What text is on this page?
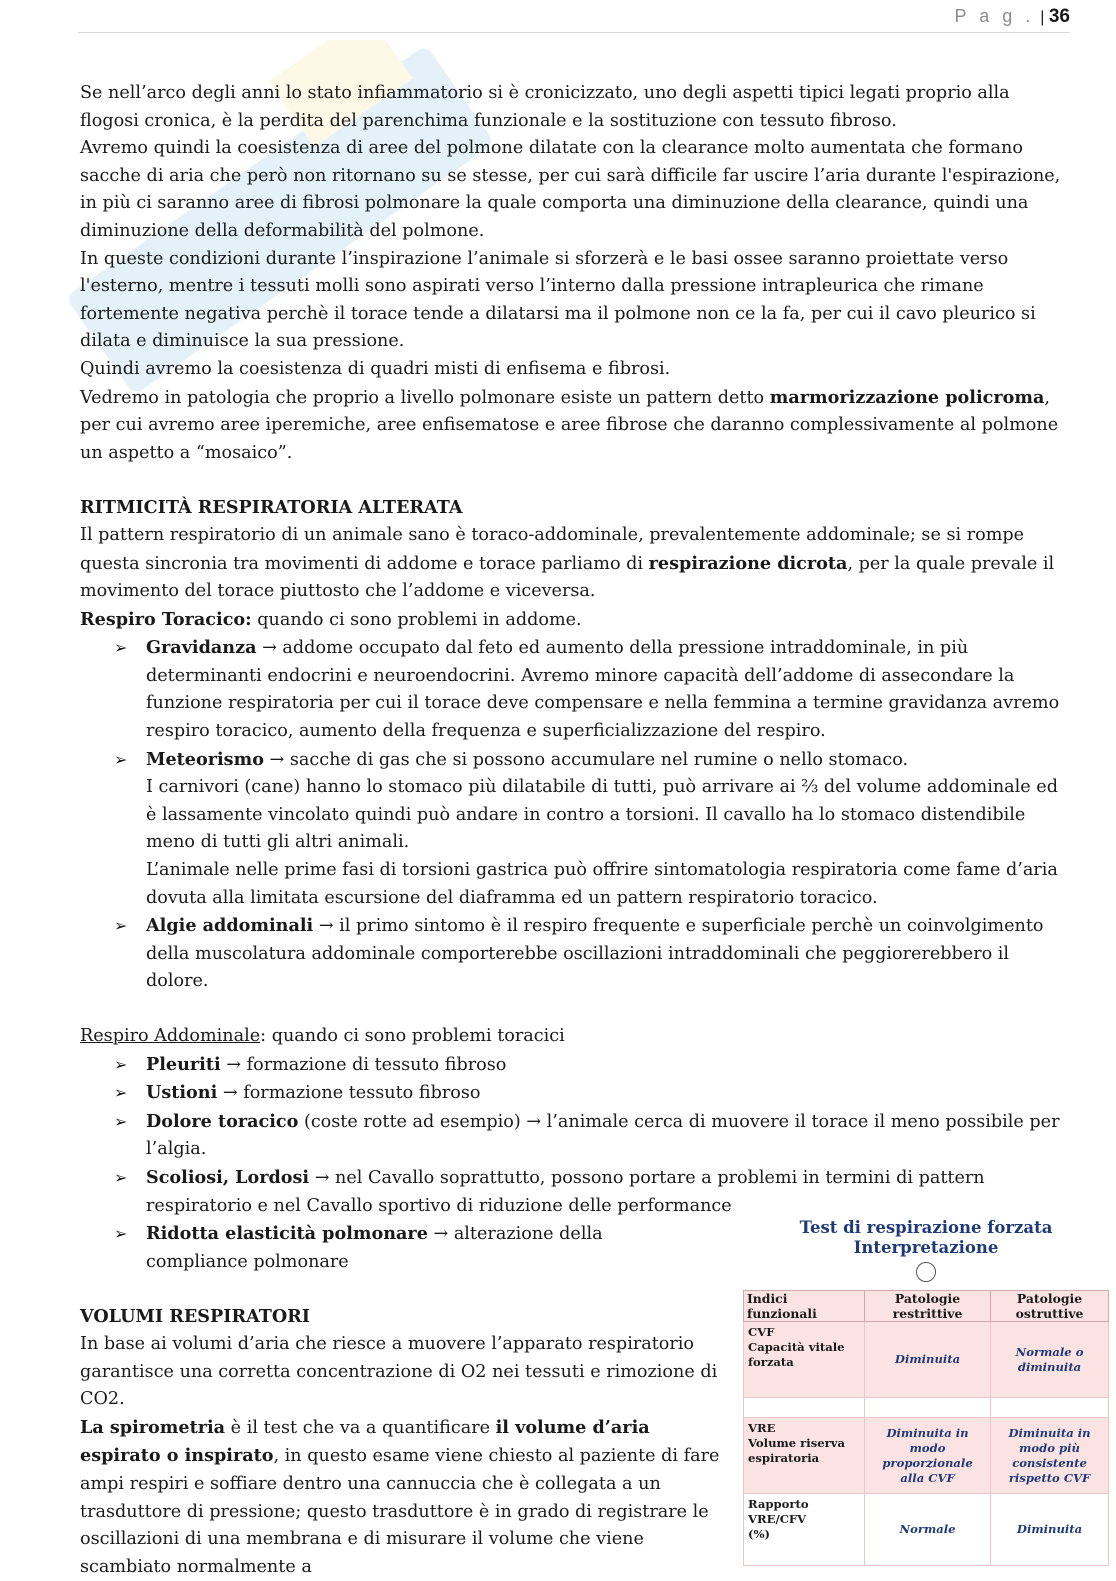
P a g . | 36

Se nell’arco degli anni lo stato infiammatorio si è cronicizzato, uno degli aspetti tipici legati proprio alla flogosi cronica, è la perdita del parenchima funzionale e la sostituzione con tessuto fibroso.

Avremo quindi la coesistenza di aree del polmone dilatate con la clearance molto aumentata che formano sacche di aria che però non ritornano su se stesse, per cui sarà difficile far uscire l’aria durante l'espirazione, in più ci saranno aree di fibrosi polmonare la quale comporta una diminuzione della clearance, quindi una diminuzione della deformabilità del polmone.

In queste condizioni durante l’inspirazione l’animale si sforzerà e le basi ossee saranno proiettate verso l'esterno, mentre i tessuti molli sono aspirati verso l’interno dalla pressione intrapleurica che rimane fortemente negativa perchè il torace tende a dilatarsi ma il polmone non ce la fa, per cui il cavo pleurico si dilata e diminuisce la sua pressione.

Quindi avremo la coesistenza di quadri misti di enfisema e fibrosi.

Vedremo in patologia che proprio a livello polmonare esiste un pattern detto marmorizzazione policroma, per cui avremo aree iperemiche, aree enfisematose e aree fibrose che daranno complessivamente al polmone un aspetto a “mosaico”.

RITMICITÀ RESPIRATORIA ALTERATA

Il pattern respiratorio di un animale sano è toraco-addominale, prevalentemente addominale; se si rompe questa sincronia tra movimenti di addome e torace parliamo di respirazione dicrota, per la quale prevale il movimento del torace piuttosto che l’addome e viceversa.

Respiro Toracico: quando ci sono problemi in addome.

➢ Gravidanza → addome occupato dal feto ed aumento della pressione intraddominale, in più determinanti endocrini e neuroendocrini. Avremo minore capacità dell’addome di assecondare la funzione respiratoria per cui il torace deve compensare e nella femmina a termine gravidanza avremo respiro toracico, aumento della frequenza e superficializzazione del respiro.
➢ Meteorismo → sacche di gas che si possono accumulare nel rumine o nello stomaco.
I carnivori (cane) hanno lo stomaco più dilatabile di tutti, può arrivare ai ⅔ del volume addominale ed è lassamente vincolato quindi può andare in contro a torsioni. Il cavallo ha lo stomaco distendibile meno di tutti gli altri animali.
L’animale nelle prime fasi di torsioni gastrica può offrire sintomatologia respiratoria come fame d’aria dovuta alla limitata escursione del diaframma ed un pattern respiratorio toracico.
➢ Algie addominali → il primo sintomo è il respiro frequente e superficiale perchè un coinvolgimento della muscolatura addominale comporterebbe oscillazioni intraddominali che peggiorerebbero il dolore.

Respiro Addominale: quando ci sono problemi toracici

➢ Pleuriti → formazione di tessuto fibroso
➢ Ustioni → formazione tessuto fibroso
➢ Dolore toracico (coste rotte ad esempio) → l’animale cerca di muovere il torace il meno possibile per l’algia.
➢ Scoliosi, Lordosi → nel Cavallo soprattutto, possono portare a problemi in termini di pattern respiratorio e nel Cavallo sportivo di riduzione delle performance
➢ Ridotta elasticità polmonare → alterazione della compliance polmonare

VOLUMI RESPIRATORI

In base ai volumi d’aria che riesce a muovere l’apparato respiratorio garantisce una corretta concentrazione di O2 nei tessuti e rimozione di CO2.

La spirometria è il test che va a quantificare il volume d’aria espirato o inspirato, in questo esame viene chiesto al paziente di fare ampi respiri e soffiare dentro una cannuccia che è collegata a un trasduttore di pressione; questo trasduttore è in grado di registrare le oscillazioni di una membrana e di misurare il volume che viene scambiato normalmente a

Test di respirazione forzata
Interpretazione
Indici funzionali	Patologie restrittive	Patologie ostruttive
CVF
Capacità vitale forzata	Diminuita	Normale o diminuita

VRE
Volume riserva espiratoria	Diminuita in modo proporzionale alla CVF	Diminuita in modo più consistente rispetto CVF
Rapporto VRE/CFV
(%)	Normale	Diminuita
